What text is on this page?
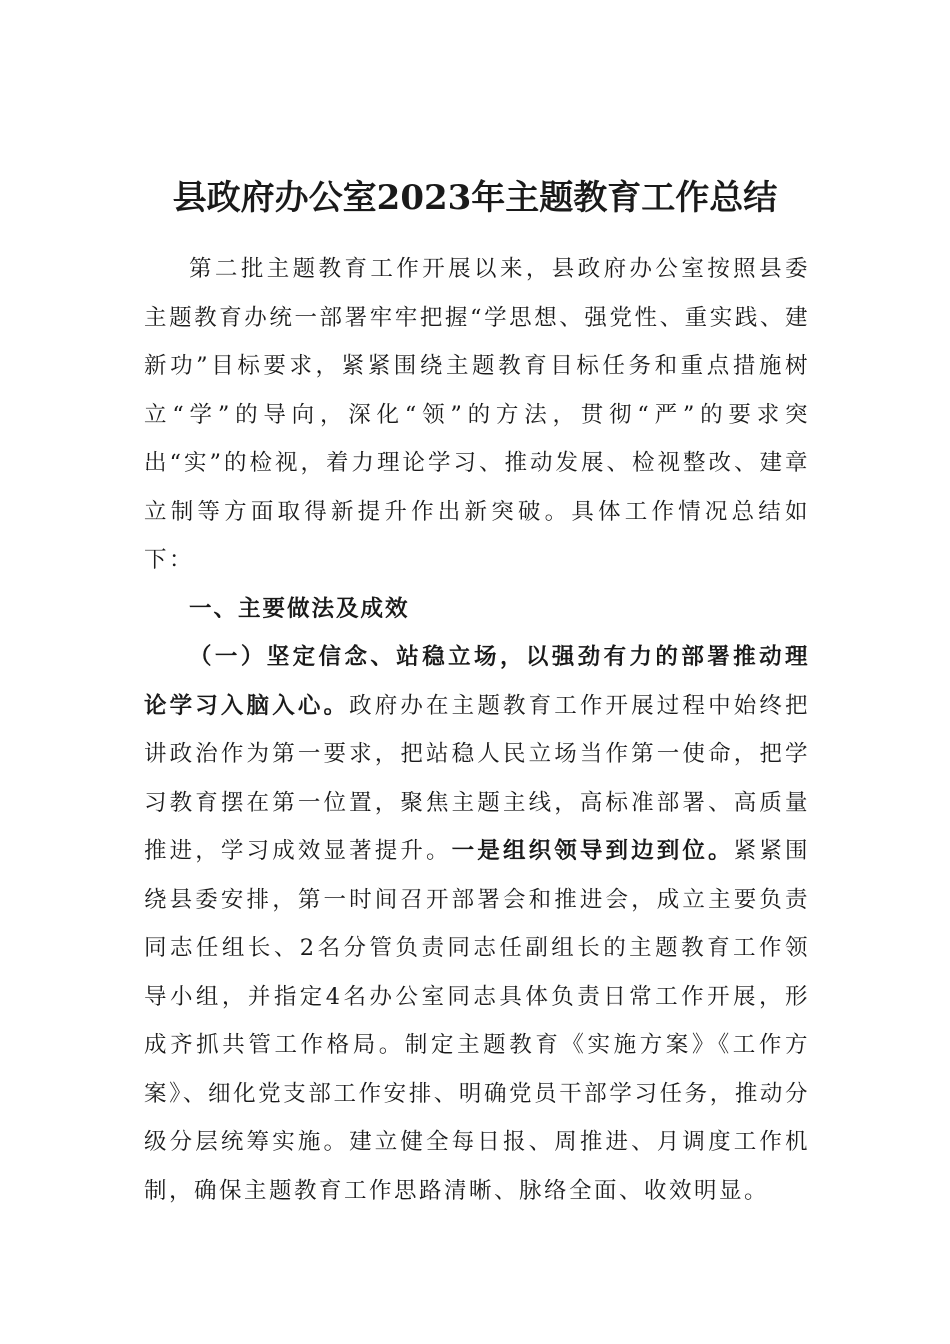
县政府办公室2023年主题教育工作总结

第二批主题教育工作开展以来，县政府办公室按照县委主题教育办统一部署牢牢把握“学思想、强党性、重实践、建新功”目标要求，紧紧围绕主题教育目标任务和重点措施树立“学”的导向，深化“领”的方法，贯彻“严”的要求突出“实”的检视，着力理论学习、推动发展、检视整改、建章立制等方面取得新提升作出新突破。具体工作情况总结如下：

一、主要做法及成效

（一）坚定信念、站稳立场，以强劲有力的部署推动理论学习入脑入心。政府办在主题教育工作开展过程中始终把讲政治作为第一要求，把站稳人民立场当作第一使命，把学习教育摆在第一位置，聚焦主题主线，高标准部署、高质量推进，学习成效显著提升。一是组织领导到边到位。紧紧围绕县委安排，第一时间召开部署会和推进会，成立主要负责同志任组长、2名分管负责同志任副组长的主题教育工作领导小组，并指定4名办公室同志具体负责日常工作开展，形成齐抓共管工作格局。制定主题教育《实施方案》《工作方案》、细化党支部工作安排、明确党员干部学习任务，推动分级分层统筹实施。建立健全每日报、周推进、月调度工作机制，确保主题教育工作思路清晰、脉络全面、收效明显。
